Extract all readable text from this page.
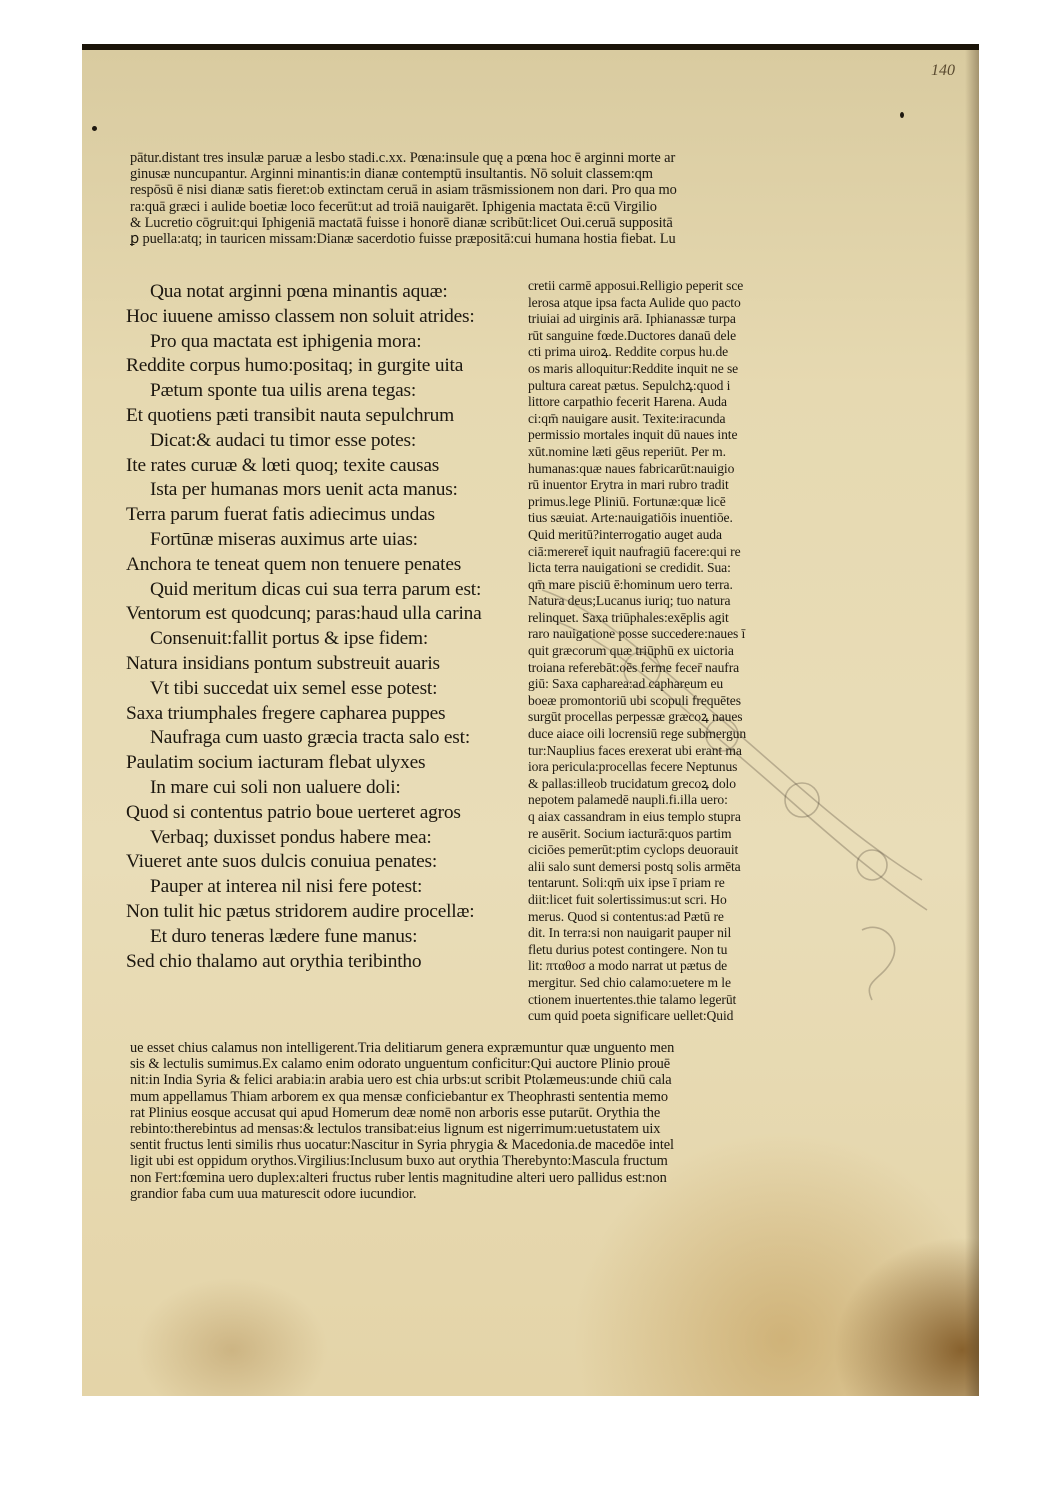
140
pātur.distant tres insulæ paruæ a lesbo stadi.c.xx. Pœna:insule quę a pœna hoc ē arginni morte ar
ginusæ nuncupantur. Arginni minantis:in dianæ contemptū insultantis. Nō soluit classem:qm
respōsū ē nisi dianæ satis fieret:ob extinctam ceruā in asiam trāsmissionem non dari. Pro qua mo
ra:quā græci i aulide boetiæ loco fecerūt:ut ad troiā nauigarēt. Iphigenia mactata ē:cū Virgilio
& Lucretio cōgruit:qui Iphigeniā mactatā fuisse i honorē dianæ scribūt:licet Oui.ceruā suppositā
ꝑ puella:atq; in tauricen missam:Dianæ sacerdotio fuisse præpositā:cui humana hostia fiebat. Lu
Qua notat arginni pœna minantis aquæ:
Hoc iuuene amisso classem non soluit atrides:
Pro qua mactata est iphigenia mora:
Reddite corpus humo:positaq; in gurgite uita
Pætum sponte tua uilis arena tegas:
Et quotiens pæti transibit nauta sepulchrum
Dicat:& audaci tu timor esse potes:
Ite rates curuæ & lœti quoq; texite causas
Ista per humanas mors uenit acta manus:
Terra parum fuerat fatis adiecimus undas
Fortūnæ miseras auximus arte uias:
Anchora te teneat quem non tenuere penates
Quid meritum dicas cui sua terra parum est:
Ventorum est quodcunq; paras:haud ulla carina
Consenuit:fallit portus & ipse fidem:
Natura insidians pontum substreuit auaris
Vt tibi succedat uix semel esse potest:
Saxa triumphales fregere capharea puppes
Naufraga cum uasto græcia tracta salo est:
Paulatim socium iacturam flebat ulyxes
In mare cui soli non ualuere doli:
Quod si contentus patrio boue uerteret agros
Verbaq; duxisset pondus habere mea:
Viueret ante suos dulcis conuiua penates:
Pauper at interea nil nisi fere potest:
Non tulit hic pætus stridorem audire procellæ:
Et duro teneras lædere fune manus:
Sed chio thalamo aut orythia teribintho
cretii carmē apposui.Relligio peperit sce
lerosa atque ipsa facta Aulide quo pacto
triuiai ad uirginis arā. Iphianassæ turpa
rūt sanguine fœde.Ductores danaū dele
cti prima uiroꝝ. Reddite corpus hu.de
os maris alloquitur:Reddite inquit ne se
pultura careat pætus. Sepulchꝝ:quod i
littore carpathio fecerit Harena. Auda
ci:qm̄ nauigare ausit. Texite:iracunda
permissio mortales inquit dū naues inte
xūt.nomine læti gēus reperiūt. Per m.
humanas:quæ naues fabricarūt:nauigio
rū inuentor Erytra in mari rubro tradit
primus.lege Pliniū. Fortunæ:quæ licē
tius sæuiat. Arte:nauigatiōis inuentiōe.
Quid meritū?interrogatio auget auda
ciā:mereret̄ iquit naufragiū facere:qui re
licta terra nauigationi se credidit. Sua:
qm̄ mare pisciū ē:hominum uero terra.
Natura deus;Lucanus iuriq; tuo natura
relinquet. Saxa triūphales:exēplis agit
raro nauigatione posse succedere:naues ī
quit græcorum quæ triūphū ex uictoria
troiana referebāt:oēs ferme fecer̄ naufra
giū: Saxa capharea:ad caphareum eu
boeæ promontoriū ubi scopuli frequētes
surgūt procellas perpessæ græcoꝝ naues
duce aiace oili locrensiū rege submergun
tur:Nauplius faces erexerat ubi erant ma
iora pericula:procellas fecere Neptunus
& pallas:illeob trucidatum grecoꝝ dolo
nepotem palamedē naupli.fi.illa uero:
q aiax cassandram in eius templo stupra
re ausērit. Socium iacturā:quos partim
ciciōes pemerūt:ptim cyclops deuorauit
alii salo sunt demersi postq solis armēta
tentarunt. Soli:qm̄ uix ipse ī priam re
diit:licet fuit solertissimus:ut scri. Ho
merus. Quod si contentus:ad Pætū re
dit. In terra:si non nauigarit pauper nil
fletu durius potest contingere. Non tu
lit: πταθοσ a modo narrat ut pætus de
mergitur. Sed chio calamo:uetere m le
ctionem inuertentes.thie talamo legerūt
cum quid poeta significare uellet:Quid
ue esset chius calamus non intelligerent.Tria delitiarum genera expræmuntur quæ unguento men
sis & lectulis sumimus.Ex calamo enim odorato unguentum conficitur:Qui auctore Plinio prouē
nit:in India Syria & felici arabia:in arabia uero est chia urbs:ut scribit Ptolæmeus:unde chiū cala
mum appellamus Thiam arborem ex qua mensæ conficiebantur ex Theophrasti sententia memo
rat Plinius eosque accusat qui apud Homerum deæ nomē non arboris esse putarūt. Orythia the
rebinto:therebintus ad mensas:& lectulos transibat:eius lignum est nigerrimum:uetustatem uix
sentit fructus lenti similis rhus uocatur:Nascitur in Syria phrygia & Macedonia.de macedōe intel
ligit ubi est oppidum orythos.Virgilius:Inclusum buxo aut orythia Therebynto:Mascula fructum
non Fert:fœmina uero duplex:alteri fructus ruber lentis magnitudine alteri uero pallidus est:non
grandior faba cum uua maturescit odore iucundior.
